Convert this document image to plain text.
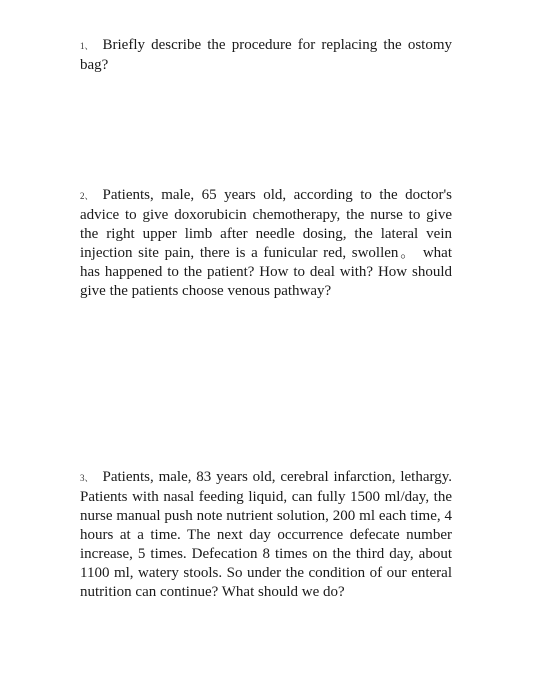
1、 Briefly describe the procedure for replacing the ostomy bag?

2、 Patients, male, 65 years old, according to the doctor's advice to give doxorubicin chemotherapy, the nurse to give the right upper limb after needle dosing, the lateral vein injection site pain, there is a funicular red, swollen。 what has happened to the patient? How to deal with? How should give the patients choose venous pathway?

3、 Patients, male, 83 years old, cerebral infarction, lethargy. Patients with nasal feeding liquid, can fully 1500 ml/day, the nurse manual push note nutrient solution, 200 ml each time, 4 hours at a time. The next day occurrence defecate number increase, 5 times. Defecation 8 times on the third day, about 1100 ml, watery stools. So under the condition of our enteral nutrition can continue? What should we do?
